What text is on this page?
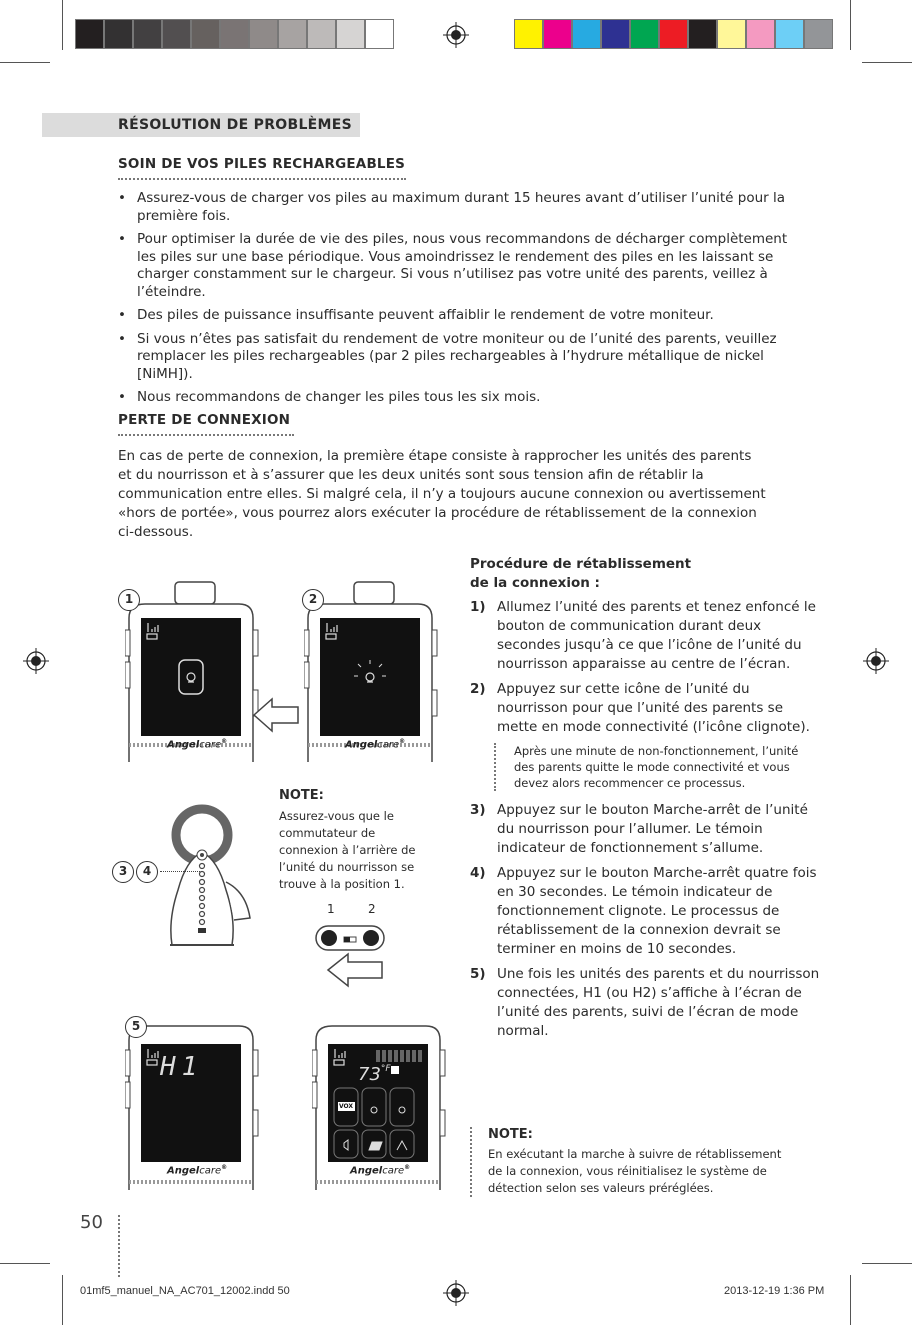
RÉSOLUTION DE PROBLÈMES
SOIN DE VOS PILES RECHARGEABLES
• Assurez-vous de charger vos piles au maximum durant 15 heures avant d’utiliser l’unité pour la première fois.
• Pour optimiser la durée de vie des piles, nous vous recommandons de décharger complètement les piles sur une base périodique. Vous amoindrissez le rendement des piles en les laissant se charger constamment sur le chargeur. Si vous n’utilisez pas votre unité des parents, veillez à l’éteindre.
• Des piles de puissance insuffisante peuvent affaiblir le rendement de votre moniteur.
• Si vous n’êtes pas satisfait du rendement de votre moniteur ou de l’unité des parents, veuillez remplacer les piles rechargeables (par 2 piles rechargeables à l’hydrure métallique de nickel [NiMH]).
• Nous recommandons de changer les piles tous les six mois.
PERTE DE CONNEXION

En cas de perte de connexion, la première étape consiste à rapprocher les unités des parents et du nourrisson et à s’assurer que les deux unités sont sous tension afin de rétablir la communication entre elles. Si malgré cela, il n’y a toujours aucune connexion ou avertissement «hors de portée», vous pourrez alors exécuter la procédure de rétablissement de la connexion ci-dessous.

1
Angelcare®
2
Angelcare®
3	4
NOTE:
Assurez-vous que le commutateur de connexion à l’arrière de l’unité du nourrisson se trouve à la position 1.
1	2
H1
5
Angelcare®
$73^{^\circ F}$
VOX
Angelcare®
Procédure de rétablissement
de la connexion :
1) Allumez l’unité des parents et tenez enfoncé le bouton de communication durant deux secondes jusqu’à ce que l’icône de l’unité du nourrisson apparaisse au centre de l’écran.
2) Appuyez sur cette icône de l’unité du nourrisson pour que l’unité des parents se mette en mode connectivité (l’icône clignote).
Après une minute de non-fonctionnement, l’unité des parents quitte le mode connectivité et vous devez alors recommencer ce processus.
3) Appuyez sur le bouton Marche-arrêt de l’unité du nourrisson pour l’allumer. Le témoin indicateur de fonctionnement s’allume.
4) Appuyez sur le bouton Marche-arrêt quatre fois en 30 secondes. Le témoin indicateur de fonctionnement clignote. Le processus de rétablissement de la connexion devrait se terminer en moins de 10 secondes.
5) Une fois les unités des parents et du nourrisson connectées, H1 (ou H2) s’affiche à l’écran de l’unité des parents, suivi de l’écran de mode normal.
NOTE:
En exécutant la marche à suivre de rétablissement de la connexion, vous réinitialisez le système de détection selon ses valeurs préréglées.
50
01mf5_manuel_NA_AC701_12002.indd 50	2013-12-19 1:36 PM
